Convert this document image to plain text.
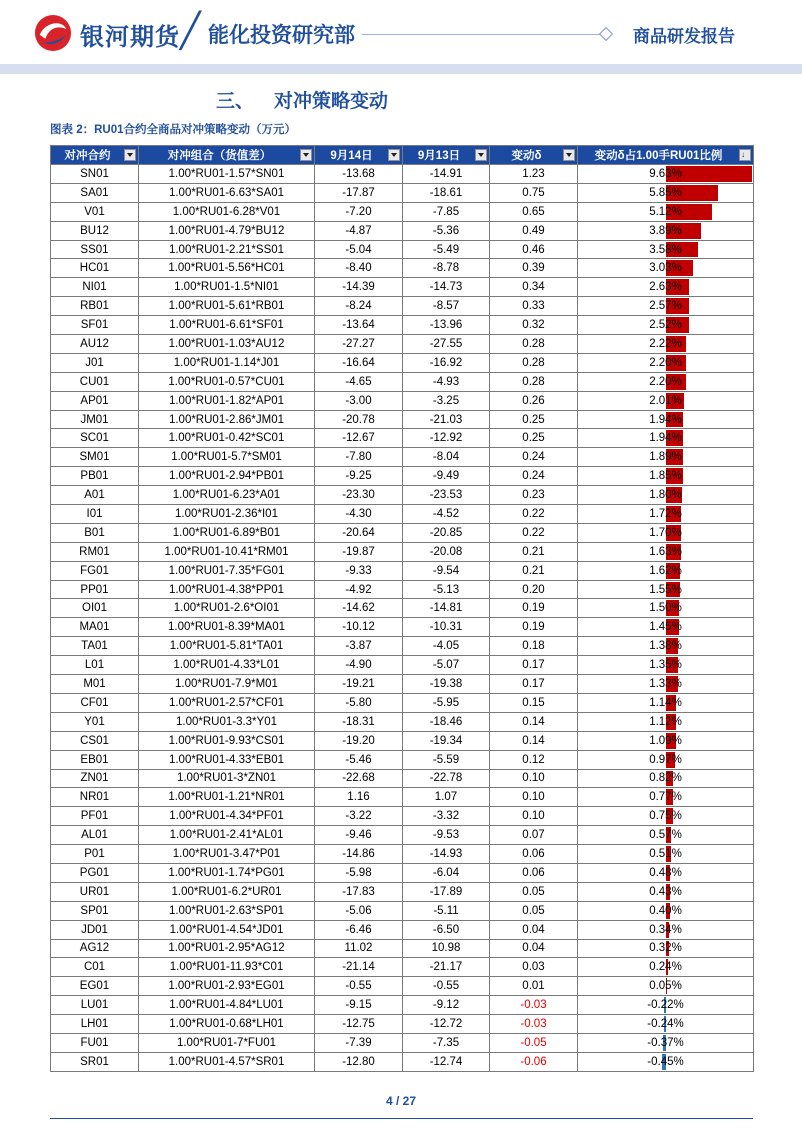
银河期货 ╱ 能化投资研究部	商品研发报告
三、 对冲策略变动
图表 2：RU01合约全商品对冲策略变动（万元）
对冲合约	对冲组合（货值差）	9月14日	9月13日	变动δ	变动δ占1.00手RU01比例
↓

SN01	1.00*RU01-1.57*SN01	-13.68	-14.91	1.23	9.63%
SA01	1.00*RU01-6.63*SA01	-17.87	-18.61	0.75	5.85%
V01	1.00*RU01-6.28*V01	-7.20	-7.85	0.65	5.12%
BU12	1.00*RU01-4.79*BU12	-4.87	-5.36	0.49	3.89%
SS01	1.00*RU01-2.21*SS01	-5.04	-5.49	0.46	3.58%
HC01	1.00*RU01-5.56*HC01	-8.40	-8.78	0.39	3.03%
NI01	1.00*RU01-1.5*NI01	-14.39	-14.73	0.34	2.63%
RB01	1.00*RU01-5.61*RB01	-8.24	-8.57	0.33	2.57%
SF01	1.00*RU01-6.61*SF01	-13.64	-13.96	0.32	2.52%
AU12	1.00*RU01-1.03*AU12	-27.27	-27.55	0.28	2.22%
J01	1.00*RU01-1.14*J01	-16.64	-16.92	0.28	2.20%
CU01	1.00*RU01-0.57*CU01	-4.65	-4.93	0.28	2.20%
AP01	1.00*RU01-1.82*AP01	-3.00	-3.25	0.26	2.01%
JM01	1.00*RU01-2.86*JM01	-20.78	-21.03	0.25	1.94%
SC01	1.00*RU01-0.42*SC01	-12.67	-12.92	0.25	1.94%
SM01	1.00*RU01-5.7*SM01	-7.80	-8.04	0.24	1.89%
PB01	1.00*RU01-2.94*PB01	-9.25	-9.49	0.24	1.85%
A01	1.00*RU01-6.23*A01	-23.30	-23.53	0.23	1.80%
I01	1.00*RU01-2.36*I01	-4.30	-4.52	0.22	1.72%
B01	1.00*RU01-6.89*B01	-20.64	-20.85	0.22	1.70%
RM01	1.00*RU01-10.41*RM01	-19.87	-20.08	0.21	1.63%
FG01	1.00*RU01-7.35*FG01	-9.33	-9.54	0.21	1.62%
PP01	1.00*RU01-4.38*PP01	-4.92	-5.13	0.20	1.55%
OI01	1.00*RU01-2.6*OI01	-14.62	-14.81	0.19	1.50%
MA01	1.00*RU01-8.39*MA01	-10.12	-10.31	0.19	1.45%
TA01	1.00*RU01-5.81*TA01	-3.87	-4.05	0.18	1.38%
L01	1.00*RU01-4.33*L01	-4.90	-5.07	0.17	1.35%
M01	1.00*RU01-7.9*M01	-19.21	-19.38	0.17	1.33%
CF01	1.00*RU01-2.57*CF01	-5.80	-5.95	0.15	1.14%
Y01	1.00*RU01-3.3*Y01	-18.31	-18.46	0.14	1.12%
CS01	1.00*RU01-9.93*CS01	-19.20	-19.34	0.14	1.09%
EB01	1.00*RU01-4.33*EB01	-5.46	-5.59	0.12	0.97%
ZN01	1.00*RU01-3*ZN01	-22.68	-22.78	0.10	0.82%
NR01	1.00*RU01-1.21*NR01	1.16	1.07	0.10	0.77%
PF01	1.00*RU01-4.34*PF01	-3.22	-3.32	0.10	0.75%
AL01	1.00*RU01-2.41*AL01	-9.46	-9.53	0.07	0.57%
P01	1.00*RU01-3.47*P01	-14.86	-14.93	0.06	0.51%
PG01	1.00*RU01-1.74*PG01	-5.98	-6.04	0.06	0.48%
UR01	1.00*RU01-6.2*UR01	-17.83	-17.89	0.05	0.43%
SP01	1.00*RU01-2.63*SP01	-5.06	-5.11	0.05	0.40%
JD01	1.00*RU01-4.54*JD01	-6.46	-6.50	0.04	0.34%
AG12	1.00*RU01-2.95*AG12	11.02	10.98	0.04	0.32%
C01	1.00*RU01-11.93*C01	-21.14	-21.17	0.03	0.24%
EG01	1.00*RU01-2.93*EG01	-0.55	-0.55	0.01	0.05%
LU01	1.00*RU01-4.84*LU01	-9.15	-9.12	-0.03	-0.22%
LH01	1.00*RU01-0.68*LH01	-12.75	-12.72	-0.03	-0.24%
FU01	1.00*RU01-7*FU01	-7.39	-7.35	-0.05	-0.37%
SR01	1.00*RU01-4.57*SR01	-12.80	-12.74	-0.06	-0.45%
4 / 27
